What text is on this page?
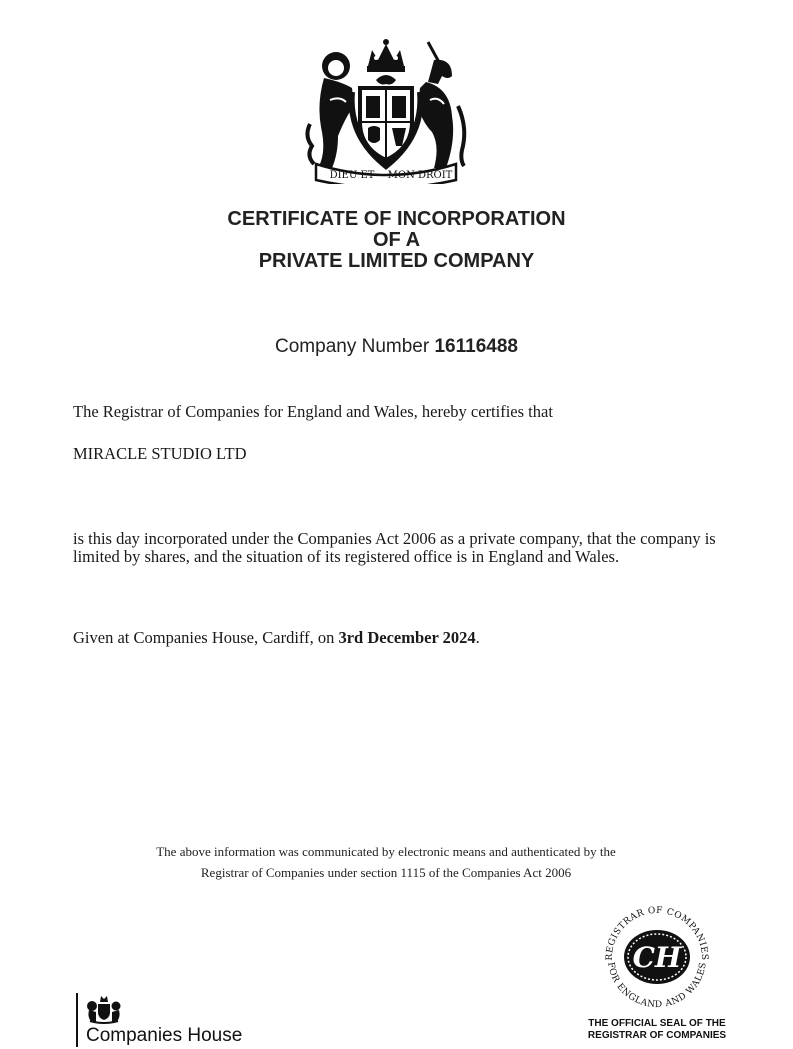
DIEU ET MON DROIT
CERTIFICATE OF INCORPORATION
OF A
PRIVATE LIMITED COMPANY
Company Number 16116488
The Registrar of Companies for England and Wales, hereby certifies that
MIRACLE STUDIO LTD
is this day incorporated under the Companies Act 2006 as a private company, that the company is limited by shares, and the situation of its registered office is in England and Wales.
Given at Companies House, Cardiff, on 3rd December 2024.
The above information was communicated by electronic means and authenticated by the
Registrar of Companies under section 1115 of the Companies Act 2006
REGISTRAR OF COMPANIES
FOR ENGLAND AND WALES
CH
THE OFFICIAL SEAL OF THE
REGISTRAR OF COMPANIES
Companies House
